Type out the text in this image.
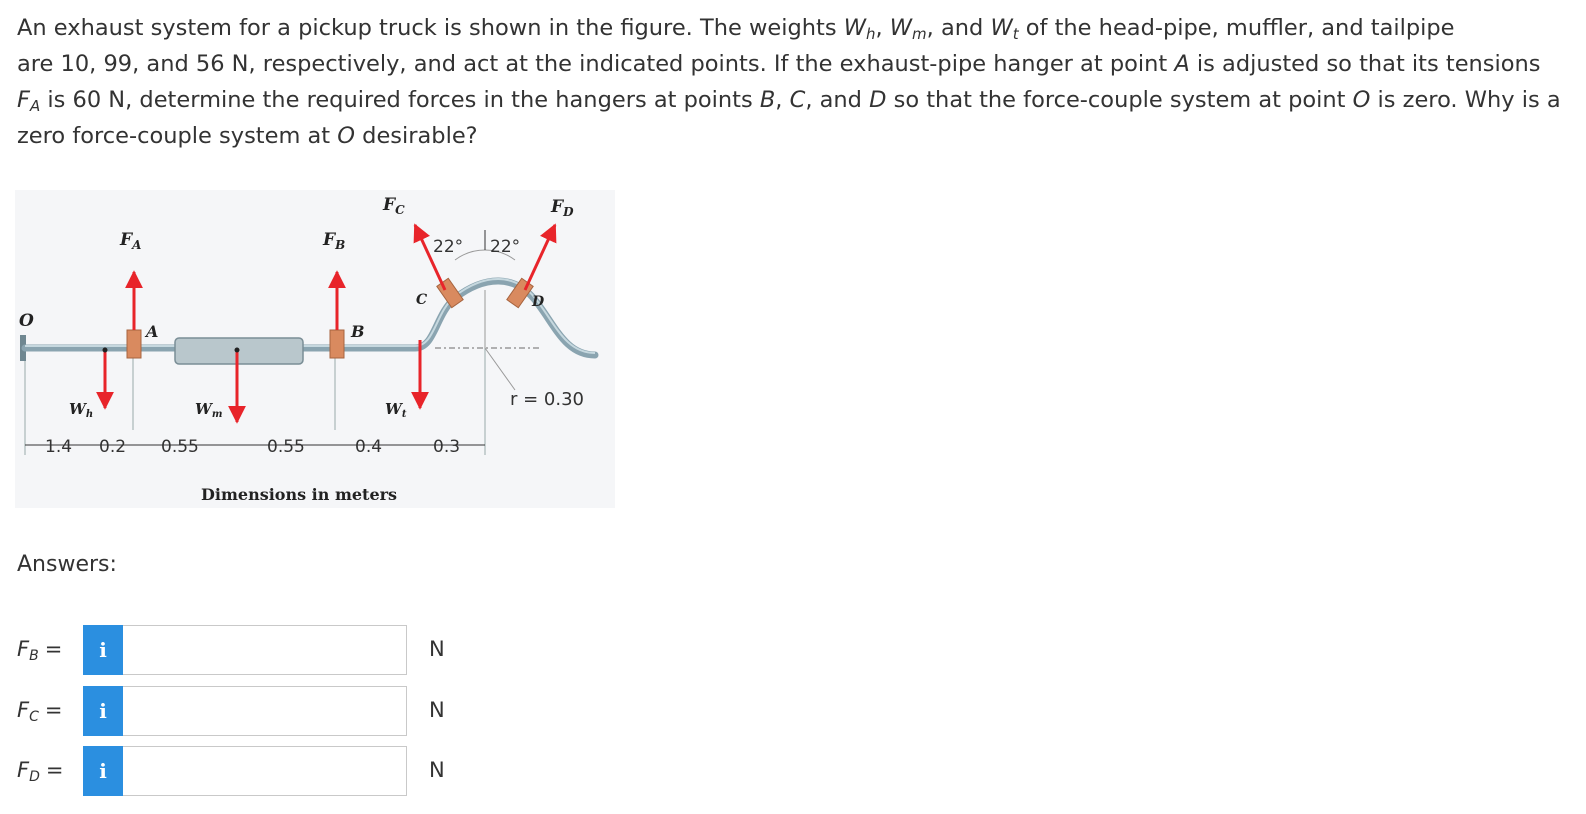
An exhaust system for a pickup truck is shown in the figure. The weights $W_h$, $W_m$, and $W_t$ of the head-pipe, muffler, and tailpipe
are 10, 99, and 56 N, respectively, and act at the indicated points. If the exhaust-pipe hanger at point A is adjusted so that its tensions
$F_A$ is 60 N, determine the required forces in the hangers at points B, C, and D so that the force-couple system at point O is zero. Why is a
zero force-couple system at O desirable?
O
$F_A$	$F_B$
$F_C$	$F_D$
A	B
C	D
$W_h$	$W_m$	$W_t$
22° 22°
r = 0.30
1.4 0.2 0.55	0.55	0.4	0.3
Dimensions in meters
Answers:
$F_B$ =	i	N
$F_C$ =	i	N
$F_D$ =	i	N
